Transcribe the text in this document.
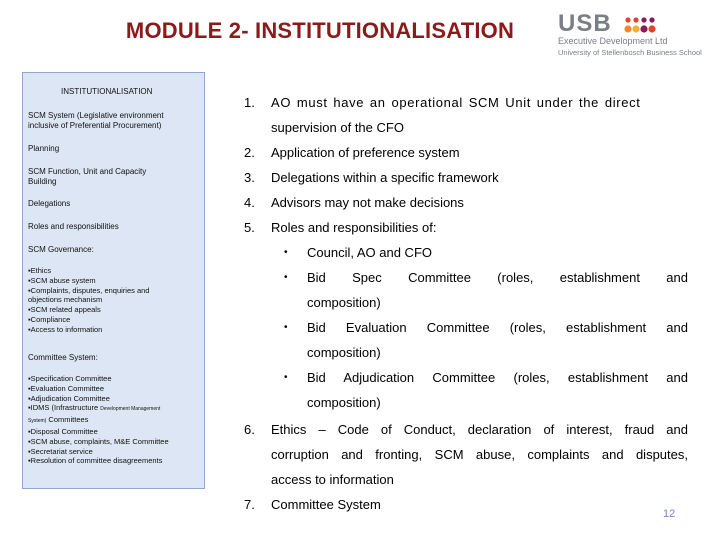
MODULE 2- INSTITUTIONALISATION	USB
Executive Development Ltd
University of Stellenbosch Business School
INSTITUTIONALISATION
SCM System (Legislative environment
inclusive of Preferential Procurement)
Planning
SCM Function, Unit and Capacity
Building
Delegations
Roles and responsibilities
SCM Governance:
▪Ethics
▪SCM abuse system
▪Complaints, disputes, enquiries and
objections mechanism
▪SCM related appeals
▪Compliance
▪Access to information
Committee System:
▪Specification Committee
▪Evaluation Committee
▪Adjudication Committee
▪IDMS (Infrastructure Development Management
System) Committees
▪Disposal Committee
▪SCM abuse, complaints, M&E Committee
▪Secretariat service
▪Resolution of committee disagreements
1. AO must have an operational SCM Unit under the direct
supervision of the CFO
2. Application of preference system
3. Delegations within a specific framework
4. Advisors may not make decisions
5. Roles and responsibilities of:
• Council, AO and CFO
• Bid Spec Committee (roles, establishment and
composition)
• Bid Evaluation Committee (roles, establishment and
composition)
• Bid Adjudication Committee (roles, establishment and
composition)
6. Ethics – Code of Conduct, declaration of interest, fraud and
corruption and fronting, SCM abuse, complaints and disputes,
access to information
7. Committee System
12
